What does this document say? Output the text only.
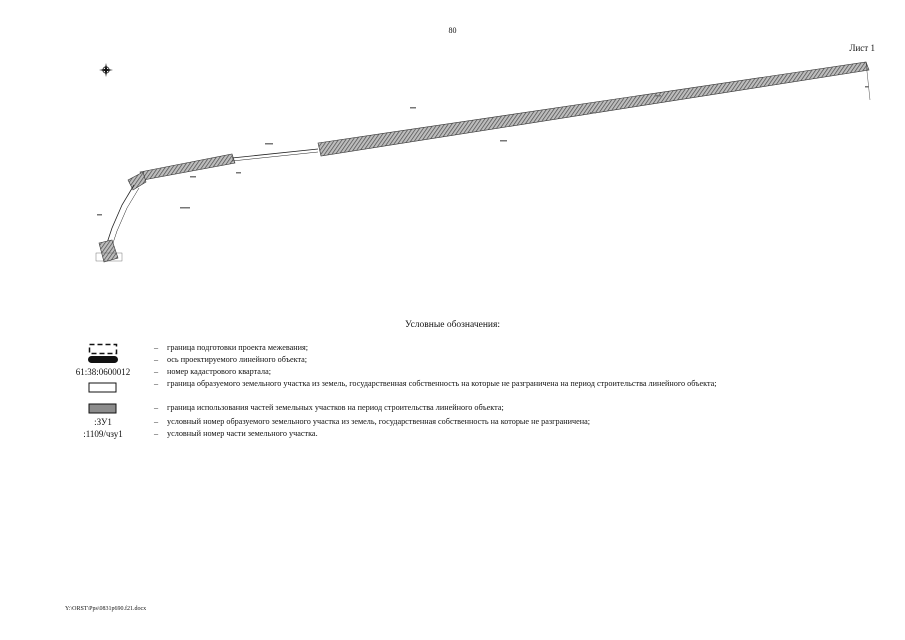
80
Лист 1
Условные обозначения:
–	граница подготовки проекта межевания;
–	ось проектируемого линейного объекта;
61:38:0600012	–	номер кадастрового квартала;
–	граница образуемого земельного участка из земель, государственная собственность на которые не разграничена на период строительства линейного объекта;
–	граница использования частей земельных участков на период строительства линейного объекта;
:ЗУ1	–	условный номер образуемого земельного участка из земель, государственная собственность на которые не разграничена;
:1109/чзу1	–	условный номер части земельного участка.
Y:\ORST\Pps\0831p690.f21.docx
